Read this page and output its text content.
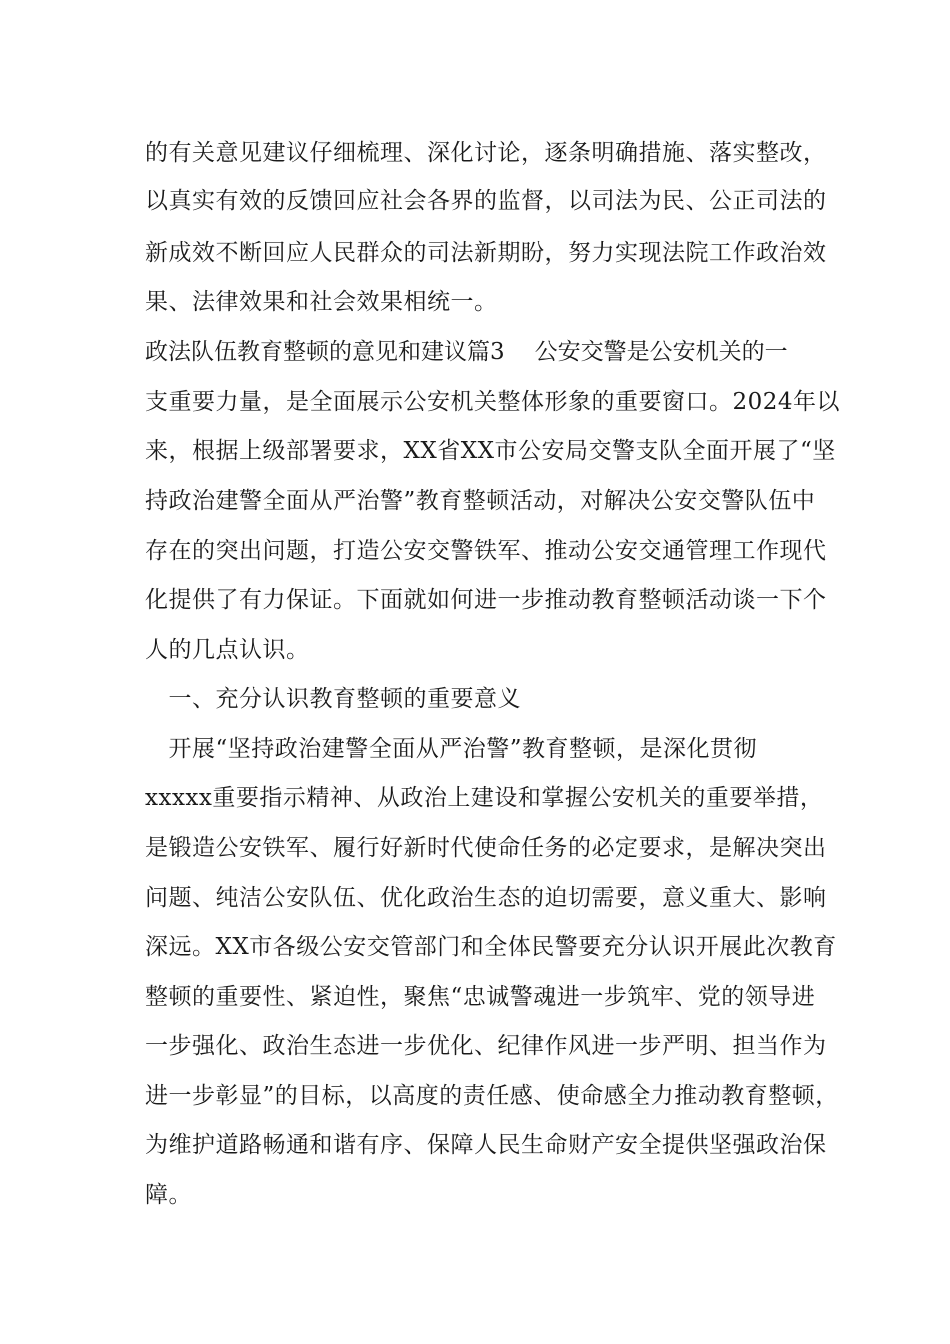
的有关意见建议仔细梳理、深化讨论，逐条明确措施、落实整改，
以真实有效的反馈回应社会各界的监督，以司法为民、公正司法的
新成效不断回应人民群众的司法新期盼，努力实现法院工作政治效
果、法律效果和社会效果相统一。
政法队伍教育整顿的意见和建议篇3 公安交警是公安机关的一
支重要力量，是全面展示公安机关整体形象的重要窗口。2024年以
来，根据上级部署要求，XX省XX市公安局交警支队全面开展了“坚
持政治建警全面从严治警”教育整顿活动，对解决公安交警队伍中
存在的突出问题，打造公安交警铁军、推动公安交通管理工作现代
化提供了有力保证。下面就如何进一步推动教育整顿活动谈一下个
人的几点认识。
　一、充分认识教育整顿的重要意义
　开展“坚持政治建警全面从严治警”教育整顿，是深化贯彻
xxxxx重要指示精神、从政治上建设和掌握公安机关的重要举措，
是锻造公安铁军、履行好新时代使命任务的必定要求，是解决突出
问题、纯洁公安队伍、优化政治生态的迫切需要，意义重大、影响
深远。XX市各级公安交管部门和全体民警要充分认识开展此次教育
整顿的重要性、紧迫性，聚焦“忠诚警魂进一步筑牢、党的领导进
一步强化、政治生态进一步优化、纪律作风进一步严明、担当作为
进一步彰显”的目标，以高度的责任感、使命感全力推动教育整顿，
为维护道路畅通和谐有序、保障人民生命财产安全提供坚强政治保
障。
